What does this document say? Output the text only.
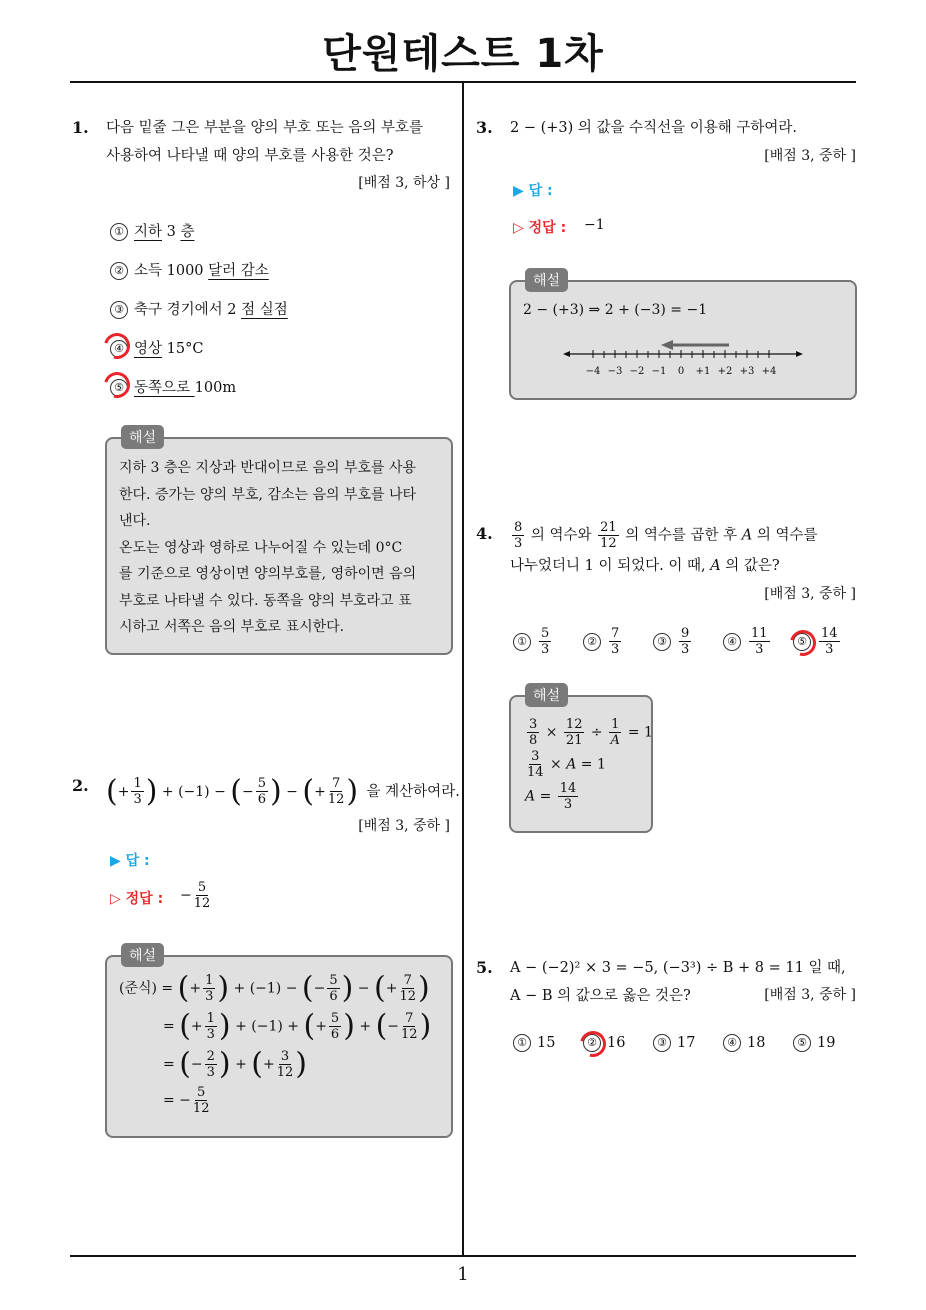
단원테스트 1차
1
1. 다음 밑줄 그은 부분을 양의 부호 또는 음의 부호를
사용하여 나타낼 때 양의 부호를 사용한 것은?
[배점 3, 하상 ]
① 지하 3 층
② 소득 1000 달러 감소
③ 축구 경기에서 2 점 실점
④ 영상 15°C
⑤ 동쪽으로 100m
해설
지하 3 층은 지상과 반대이므로 음의 부호를 사용
한다. 증가는 양의 부호, 감소는 음의 부호를 나타
낸다.
온도는 영상과 영하로 나누어질 수 있는데 0°C
를 기준으로 영상이면 양의부호를, 영하이면 음의
부호로 나타낼 수 있다. 동쪽을 양의 부호라고 표
시하고 서쪽은 음의 부호로 표시한다.
2. (+ $\frac{1}{3}$ ) + (−1) − (− $\frac{5}{6}$ ) − (+ $\frac{7}{12}$ ) 을 계산하여라.
[배점 3, 중하 ]
▶ 답 :
▷ 정답 : − $\frac{5}{12}$
해설
(준식) = (+ $\frac{1}{3}$ ) + (−1) − (− $\frac{5}{6}$ ) − (+ $\frac{7}{12}$ )
= (+ $\frac{1}{3}$ ) + (−1) + (+ $\frac{5}{6}$ ) + (− $\frac{7}{12}$ )
= (− $\frac{2}{3}$ ) + (+ $\frac{3}{12}$ )
= − $\frac{5}{12}$
3. 2 − (+3) 의 값을 수직선을 이용해 구하여라.
[배점 3, 중하 ]
▶ 답 :
▷ 정답 : −1
해설
2 − (+3) ⇒ 2 + (−3) = −1
−4 −3 −2 −1 0 +1 +2 +3 +4
4. $\frac{8}{3}$ 의 역수와 $\frac{21}{12}$ 의 역수를 곱한 후 A 의 역수를
나누었더니 1 이 되었다. 이 때, A 의 값은?
[배점 3, 중하 ]
① $\frac{5}{3}$	② $\frac{7}{3}$	③ $\frac{9}{3}$	④ $\frac{11}{3}$	⑤ $\frac{14}{3}$
해설
$\frac{3}{8} \times \frac{12}{21} \div \frac{1}{A} = 1$
$\frac{3}{14} \times A = 1$
$A = \frac{14}{3}$
5. A − (−2)² × 3 = −5, (−3³) ÷ B + 8 = 11 일 때,
A − B 의 값으로 옳은 것은?	[배점 3, 중하 ]
① 15	② 16	③ 17	④ 18	⑤ 19
